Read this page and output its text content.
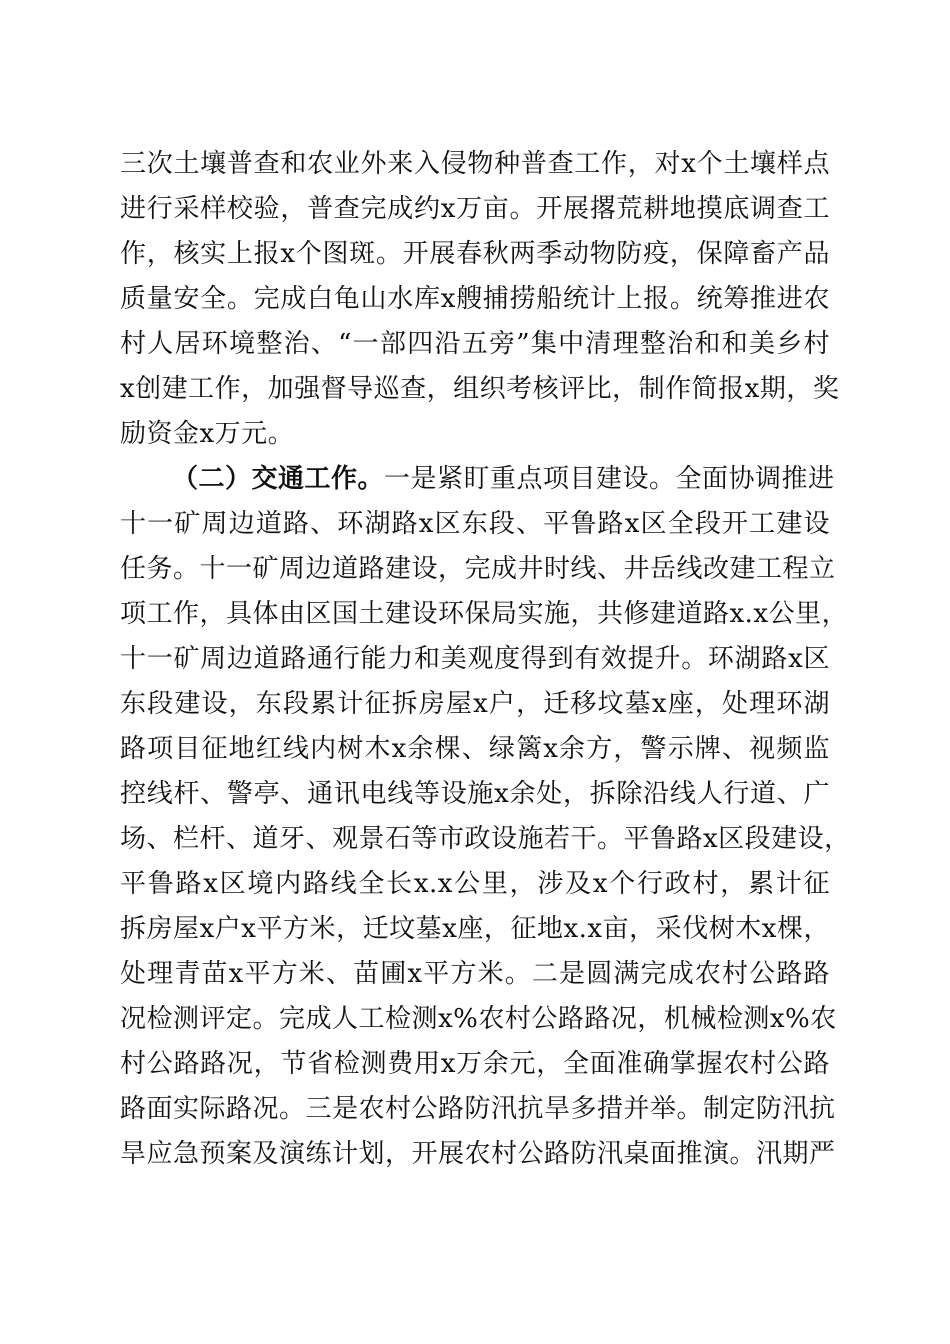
三次土壤普查和农业外来入侵物种普查工作，对x个土壤样点
进行采样校验，普查完成约x万亩。开展撂荒耕地摸底调查工
作，核实上报x个图斑。开展春秋两季动物防疫，保障畜产品
质量安全。完成白龟山水库x艘捕捞船统计上报。统筹推进农
村人居环境整治、“一部四沿五旁”集中清理整治和和美乡村
x创建工作，加强督导巡查，组织考核评比，制作简报x期，奖
励资金x万元。
（二）交通工作。一是紧盯重点项目建设。全面协调推进
十一矿周边道路、环湖路x区东段、平鲁路x区全段开工建设
任务。十一矿周边道路建设，完成井时线、井岳线改建工程立
项工作，具体由区国土建设环保局实施，共修建道路x.x公里，
十一矿周边道路通行能力和美观度得到有效提升。环湖路x区
东段建设，东段累计征拆房屋x户，迁移坟墓x座，处理环湖
路项目征地红线内树木x余棵、绿篱x余方，警示牌、视频监
控线杆、警亭、通讯电线等设施x余处，拆除沿线人行道、广
场、栏杆、道牙、观景石等市政设施若干。平鲁路x区段建设，
平鲁路x区境内路线全长x.x公里，涉及x个行政村，累计征
拆房屋x户x平方米，迁坟墓x座，征地x.x亩，采伐树木x棵，
处理青苗x平方米、苗圃x平方米。二是圆满完成农村公路路
况检测评定。完成人工检测x%农村公路路况，机械检测x%农
村公路路况，节省检测费用x万余元，全面准确掌握农村公路
路面实际路况。三是农村公路防汛抗旱多措并举。制定防汛抗
旱应急预案及演练计划，开展农村公路防汛桌面推演。汛期严
